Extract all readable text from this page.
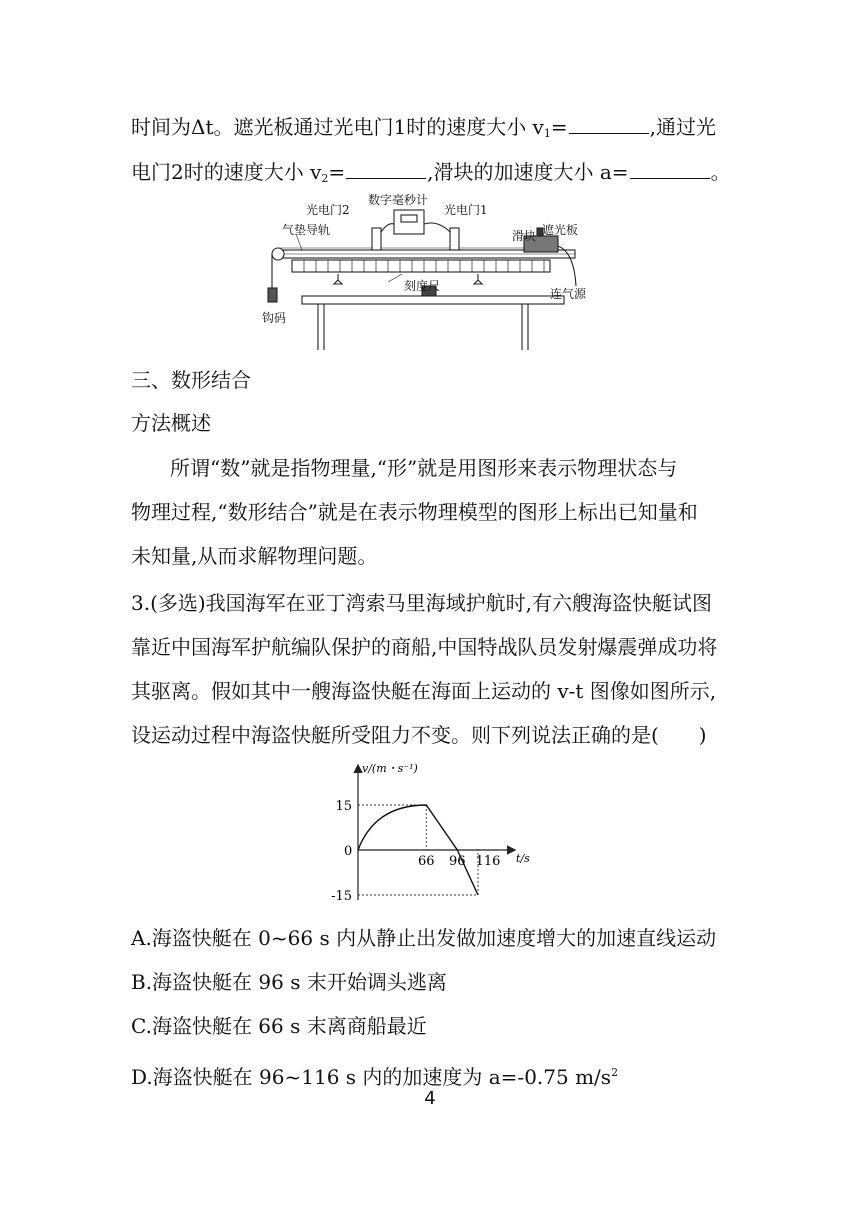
时间为Δt。遮光板通过光电门1时的速度大小 $v_1=$	,通过光
电门2时的速度大小 $v_2=$	,滑块的加速度大小 a=	。
光电门2
数字毫秒计
光电门1
气垫导轨	滑块 遮光板
刻度尺
连气源
钩码
三、数形结合
方法概述
所谓“数”就是指物理量,“形”就是用图形来表示物理状态与
物理过程,“数形结合”就是在表示物理模型的图形上标出已知量和
未知量,从而求解物理问题。
3.(多选)我国海军在亚丁湾索马里海域护航时,有六艘海盗快艇试图
靠近中国海军护航编队保护的商船,中国特战队员发射爆震弹成功将
其驱离。假如其中一艘海盗快艇在海面上运动的 v-t 图像如图所示,
设运动过程中海盗快艇所受阻力不变。则下列说法正确的是(　　)
v/(m・s⁻¹)
t/s
0
15
-15
66 96 116
A.海盗快艇在 0~66 s 内从静止出发做加速度增大的加速直线运动
B.海盗快艇在 96 s 末开始调头逃离
C.海盗快艇在 66 s 末离商船最近
D.海盗快艇在 96~116 s 内的加速度为 a=-0.75 $m/s^2$
4
